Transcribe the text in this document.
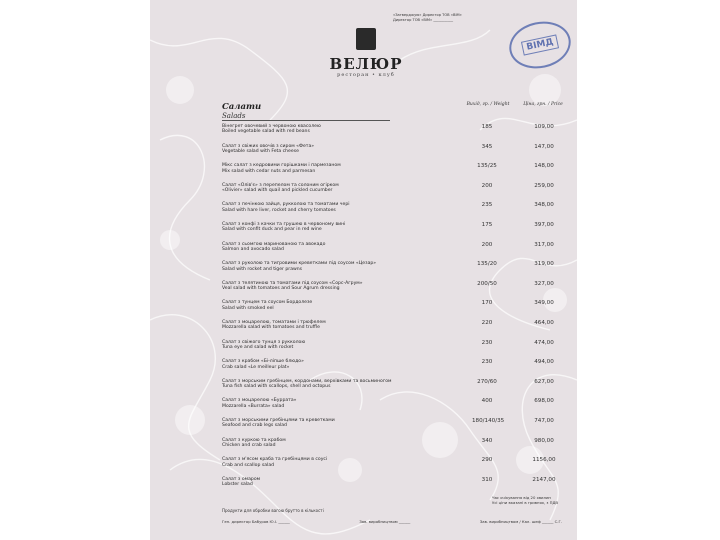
«Затверджую» Директор ТОВ «ВІМ»
Директор ТОВ «ВІМ» ___________
ВІМД
ВЕЛЮР
ресторан • клуб
Салати
Salads
Вихід, гр. / Weight	Ціна, грн. / Price
Вінегрет овочевий з червоною квасолею
Boiled vegetable salad with red beans
185	109,00
Салат з свіжих овочів з сиром «Фета»
Vegetable salad with Feta cheese
345	147,00
Мікс салат з кедровими горішками і пармезаном
Mix salad with cedar nuts and parmesan
135/25	148,00
Салат «Олів'є» з перепелом та солоним огірком
«Olivier» salad with quail and pickled cucumber
200	259,00
Салат з печінкою зайця, рукколою та томатами чері
Salad with hare liver, rocket and cherry tomatoes
235	348,00
Салат з конфі з качки та грушею в червоному вині
Salad with confit duck and pear in red wine
175	397,00
Салат з сьомгою маринованою та авокадо
Salmon and avocado salad
200	317,00
Салат з руколою та тигровими креветками під соусом «Цезар»
Salad with rocket and tiger prawns
135/20	319,00
Салат з телятиною та томатами під соусом «Сорс-Агрум»
Veal salad with tomatoes and Sour Agrum dressing
200/50	327,00
Салат з тунцем та соусом Бордолезе
Salad with smoked eel
170	349,00
Салат з моцарелою, томатами і трюфелем
Mozzarella salad with tomatoes and truffle
220	464,00
Салат з свіжого тунця з рукколою
Tuna eye and salad with rocket
230	474,00
Салат з крабом «Бі-ліпше блюдо»
Crab salad «Le meilleur plat»
230	494,00
Салат з морським гребінцем, кордонами, верхівками та восьминогом
Tuna fish salad with scallops, shell and octopus
270/60	627,00
Салат з моцарелою «Буррата»
Mozzarella «Burrata» salad
400	698,00
Салат з морськими гребінцями та креветками
Seafood and crab legs salad
180/140/35	747,00
Салат з куркою та крабом
Chicken and crab salad
340	980,00
Салат з м'ясом краба та гребінцями в соусі
Crab and scallop salad
290	1156,00
Салат з омаром
Lobster salad
310	2147,00
Час очікування від 20 хвилин
Усі ціни вказані в гривнях, з ПДВ
Продукти для обробки вагою брутто в кількості
Ген. директор Бабуров Ю.І. ______	Зав. виробництвом ______	Зав. виробництвом / Кал. шеф ______ С.Г.
